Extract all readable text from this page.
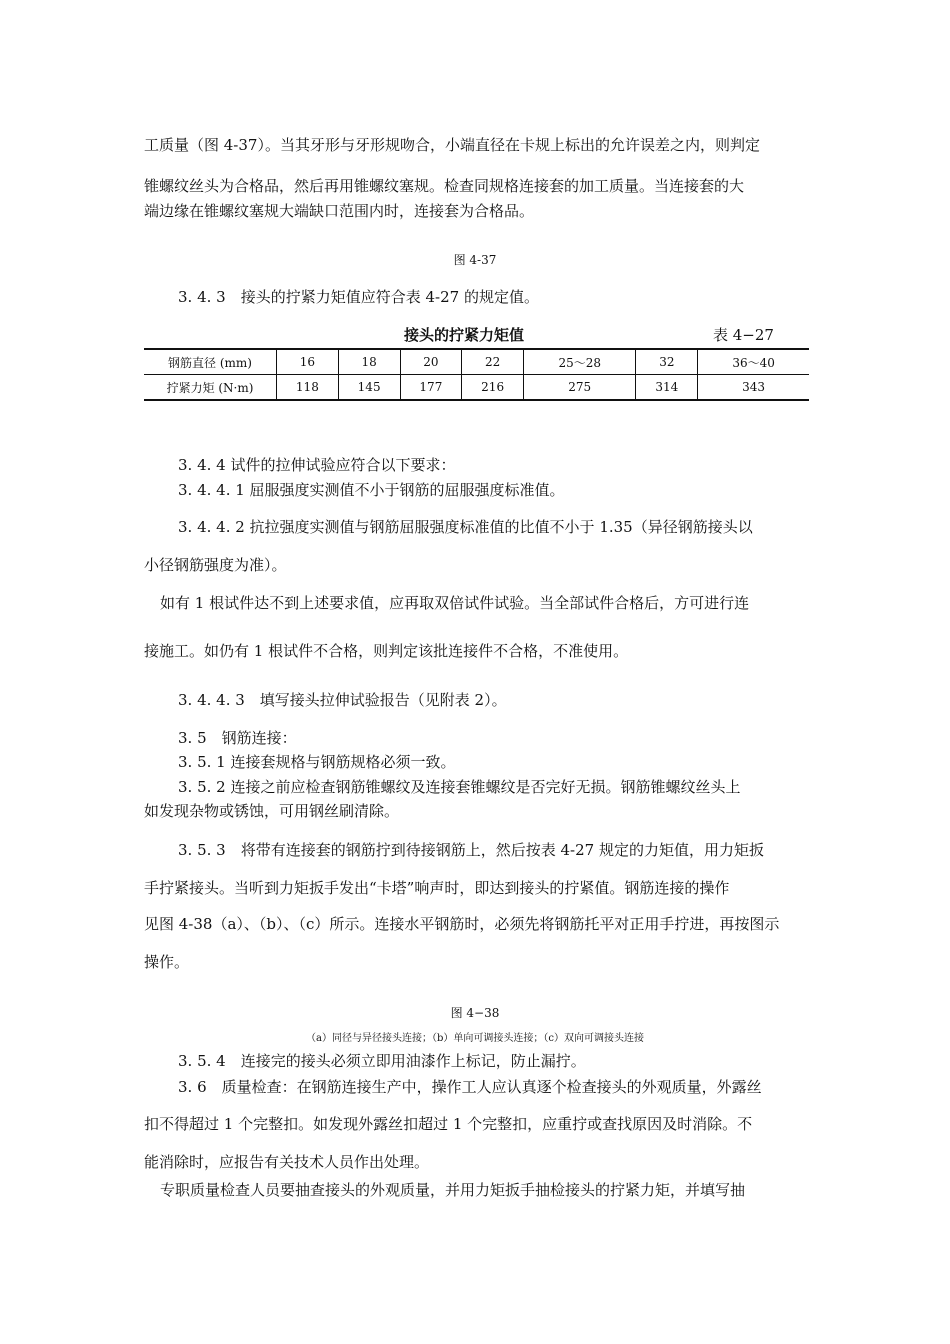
工质量（图 4-37）。当其牙形与牙形规吻合，小端直径在卡规上标出的允许误差之内，则判定
锥螺纹丝头为合格品，然后再用锥螺纹塞规。检查同规格连接套的加工质量。当连接套的大
端边缘在锥螺纹塞规大端缺口范围内时，连接套为合格品。
图 4-37
3. 4. 3　接头的拧紧力矩值应符合表 4-27 的规定值。
接头的拧紧力矩值	表 4−27
钢筋直径 (mm)	16	18	20	22	25～28	32	36～40
拧紧力矩 (N·m)	118	145	177	216	275	314	343
3. 4. 4 试件的拉伸试验应符合以下要求：
3. 4. 4. 1 屈服强度实测值不小于钢筋的屈服强度标准值。
3. 4. 4. 2 抗拉强度实测值与钢筋屈服强度标准值的比值不小于 1.35（异径钢筋接头以
小径钢筋强度为准）。
如有 1 根试件达不到上述要求值，应再取双倍试件试验。当全部试件合格后，方可进行连
接施工。如仍有 1 根试件不合格，则判定该批连接件不合格，不准使用。
3. 4. 4. 3　填写接头拉伸试验报告（见附表 2）。
3. 5　钢筋连接：
3. 5. 1 连接套规格与钢筋规格必须一致。
3. 5. 2 连接之前应检查钢筋锥螺纹及连接套锥螺纹是否完好无损。钢筋锥螺纹丝头上
如发现杂物或锈蚀，可用钢丝刷清除。
3. 5. 3　将带有连接套的钢筋拧到待接钢筋上，然后按表 4-27 规定的力矩值，用力矩扳
手拧紧接头。当听到力矩扳手发出“卡塔”响声时，即达到接头的拧紧值。钢筋连接的操作
见图 4-38（a）、（b）、（c）所示。连接水平钢筋时，必须先将钢筋托平对正用手拧进，再按图示
操作。
图 4−38
（a）同径与异径接头连接；（b）单向可调接头连接；（c）双向可调接头连接
3. 5. 4　连接完的接头必须立即用油漆作上标记，防止漏拧。
3. 6　质量检查：在钢筋连接生产中，操作工人应认真逐个检查接头的外观质量，外露丝
扣不得超过 1 个完整扣。如发现外露丝扣超过 1 个完整扣，应重拧或查找原因及时消除。不
能消除时，应报告有关技术人员作出处理。
专职质量检查人员要抽查接头的外观质量，并用力矩扳手抽检接头的拧紧力矩，并填写抽
